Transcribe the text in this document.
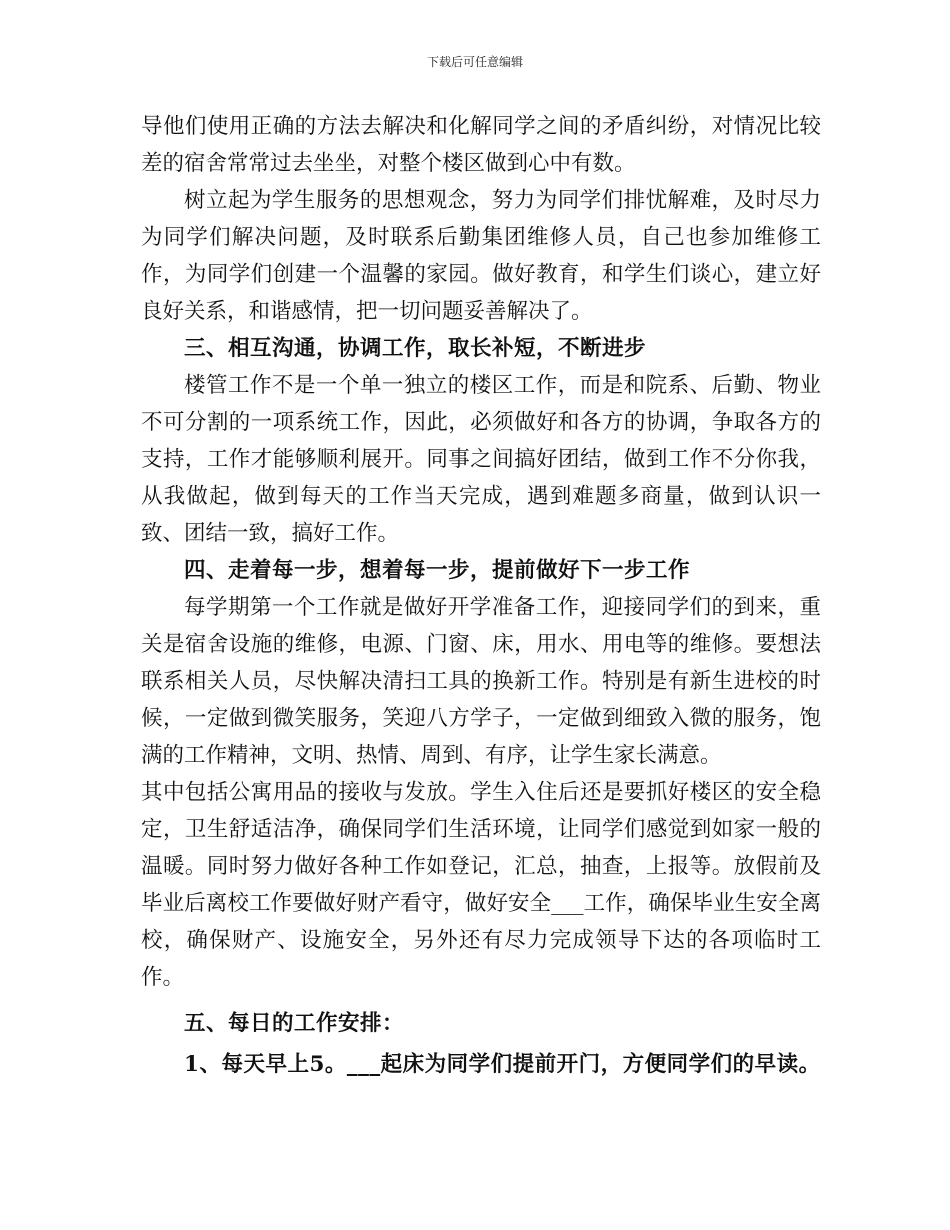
下载后可任意编辑

导他们使用正确的方法去解决和化解同学之间的矛盾纠纷，对情况比较差的宿舍常常过去坐坐，对整个楼区做到心中有数。

树立起为学生服务的思想观念，努力为同学们排忧解难，及时尽力为同学们解决问题，及时联系后勤集团维修人员，自己也参加维修工作，为同学们创建一个温馨的家园。做好教育，和学生们谈心，建立好良好关系，和谐感情，把一切问题妥善解决了。

三、相互沟通，协调工作，取长补短，不断进步

楼管工作不是一个单一独立的楼区工作，而是和院系、后勤、物业不可分割的一项系统工作，因此，必须做好和各方的协调，争取各方的支持，工作才能够顺利展开。同事之间搞好团结，做到工作不分你我，从我做起，做到每天的工作当天完成，遇到难题多商量，做到认识一致、团结一致，搞好工作。

四、走着每一步，想着每一步，提前做好下一步工作

每学期第一个工作就是做好开学准备工作，迎接同学们的到来，重关是宿舍设施的维修，电源、门窗、床，用水、用电等的维修。要想法联系相关人员，尽快解决清扫工具的换新工作。特别是有新生进校的时候，一定做到微笑服务，笑迎八方学子，一定做到细致入微的服务，饱满的工作精神，文明、热情、周到、有序，让学生家长满意。

其中包括公寓用品的接收与发放。学生入住后还是要抓好楼区的安全稳定，卫生舒适洁净，确保同学们生活环境，让同学们感觉到如家一般的温暖。同时努力做好各种工作如登记，汇总，抽查，上报等。放假前及毕业后离校工作要做好财产看守，做好安全___工作，确保毕业生安全离校，确保财产、设施安全，另外还有尽力完成领导下达的各项临时工作。

五、每日的工作安排：

1、每天早上5。___起床为同学们提前开门，方便同学们的早读。
